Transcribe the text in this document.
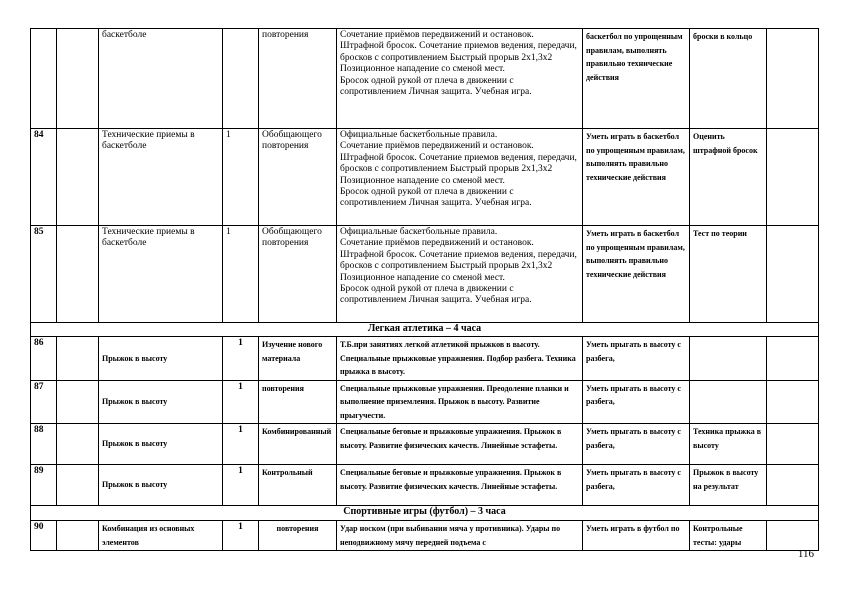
		баскетболе		повторения	Сочетание приёмов передвижений и остановок. Штрафной бросок. Сочетание приемов ведения, передачи, бросков с сопротивлением Быстрый прорыв 2х1,3х2 Позиционное нападение со сменой мест.
Бросок одной рукой от плеча в движении с сопротивлением Личная защита. Учебная игра.	баскетбол по упрощенным правилам, выполнять правильно технические действия	броски в кольцо	
84		Технические приемы в баскетболе	1	Обобщающего повторения	Официальные баскетбольные правила.
Сочетание приёмов передвижений и остановок. Штрафной бросок. Сочетание приемов ведения, передачи, бросков с сопротивлением Быстрый прорыв 2х1,3х2 Позиционное нападение со сменой мест.
Бросок одной рукой от плеча в движении с сопротивлением Личная защита. Учебная игра.	Уметь играть в баскетбол по упрощенным правилам, выполнять правильно технические действия	Оценить штрафной бросок	
85		Технические приемы в баскетболе	1	Обобщающего повторения	Официальные баскетбольные правила.
Сочетание приёмов передвижений и остановок. Штрафной бросок. Сочетание приемов ведения, передачи, бросков с сопротивлением Быстрый прорыв 2х1,3х2 Позиционное нападение со сменой мест.
Бросок одной рукой от плеча в движении с сопротивлением Личная защита. Учебная игра.	Уметь играть в баскетбол по упрощенным правилам, выполнять правильно технические действия	Тест по теории	
Легкая атлетика – 4 часа								
86		Прыжок в высоту	1	Изучение нового материала	Т.Б.при занятиях легкой атлетикой прыжков в высоту. Специальные прыжковые упражнения. Подбор разбега. Техника прыжка в высоту.	Уметь прыгать в высоту с разбега,		
87		Прыжок в высоту	1	повторения	Специальные прыжковые упражнения. Преодоление планки и выполнение приземления. Прыжок в высоту. Развитие прыгучести.	Уметь прыгать в высоту с разбега,		
88		Прыжок в высоту	1	Комбинированный	Специальные беговые и прыжковые упражнения. Прыжок в высоту. Развитие физических качеств. Линейные эстафеты.	Уметь прыгать в высоту с разбега,	Техника прыжка в высоту	
89		Прыжок в высоту	1	Контрольный	Специальные беговые и прыжковые упражнения. Прыжок в высоту. Развитие физических качеств. Линейные эстафеты.	Уметь прыгать в высоту с разбега,	Прыжок в высоту на результат	
Спортивные игры (футбол) – 3 часа								
90		Комбинация из основных элементов	1	повторения	Удар носком (при выбивании мяча у противника). Удары по неподвижному мячу передней подъема с	Уметь играть в футбол по	Контрольные тесты: удары	
116
